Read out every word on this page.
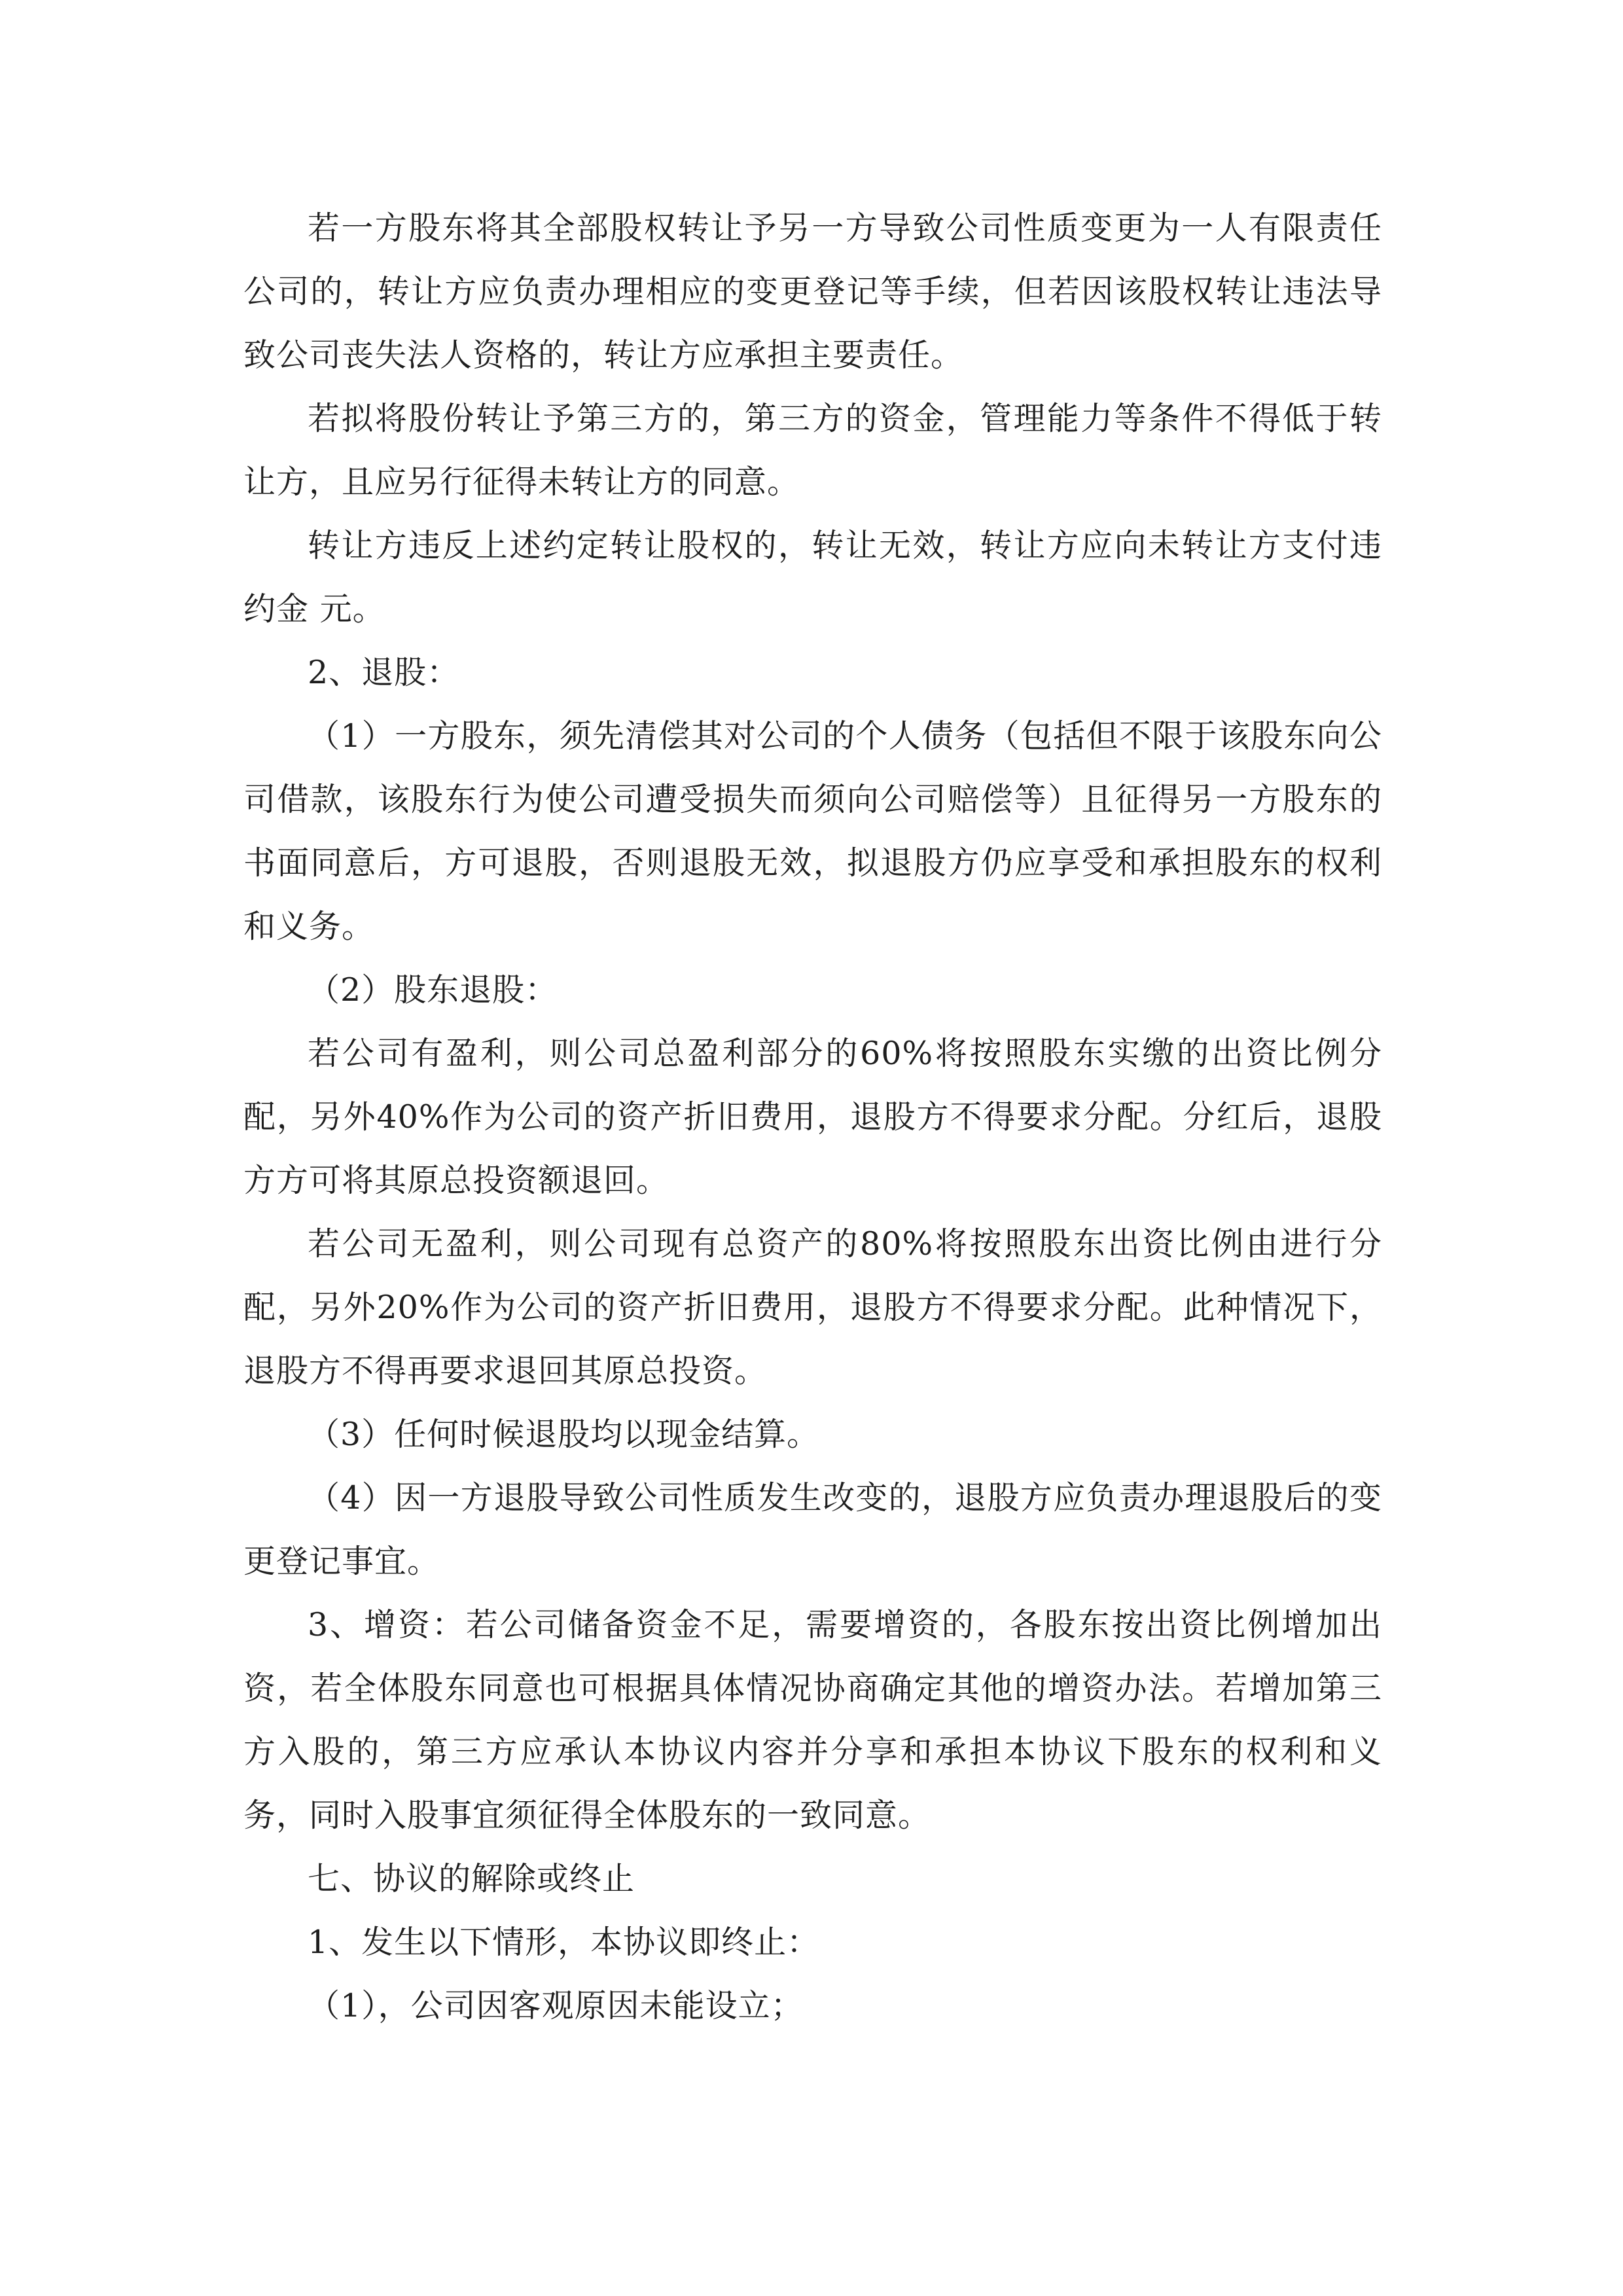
若一方股东将其全部股权转让予另一方导致公司性质变更为一人有限责任公司的，转让方应负责办理相应的变更登记等手续，但若因该股权转让违法导致公司丧失法人资格的，转让方应承担主要责任。

若拟将股份转让予第三方的，第三方的资金，管理能力等条件不得低于转让方，且应另行征得未转让方的同意。

转让方违反上述约定转让股权的，转让无效，转让方应向未转让方支付违约金 元。

2、退股：

（1）一方股东，须先清偿其对公司的个人债务（包括但不限于该股东向公司借款，该股东行为使公司遭受损失而须向公司赔偿等）且征得另一方股东的书面同意后，方可退股，否则退股无效，拟退股方仍应享受和承担股东的权利和义务。

（2）股东退股：

若公司有盈利，则公司总盈利部分的60%将按照股东实缴的出资比例分配，另外40%作为公司的资产折旧费用，退股方不得要求分配。分红后，退股方方可将其原总投资额退回。

若公司无盈利，则公司现有总资产的80%将按照股东出资比例由进行分配，另外20%作为公司的资产折旧费用，退股方不得要求分配。此种情况下，退股方不得再要求退回其原总投资。

（3）任何时候退股均以现金结算。

（4）因一方退股导致公司性质发生改变的，退股方应负责办理退股后的变更登记事宜。

3、增资：若公司储备资金不足，需要增资的，各股东按出资比例增加出资，若全体股东同意也可根据具体情况协商确定其他的增资办法。若增加第三方入股的，第三方应承认本协议内容并分享和承担本协议下股东的权利和义务，同时入股事宜须征得全体股东的一致同意。

七、协议的解除或终止

1、发生以下情形，本协议即终止：

（1），公司因客观原因未能设立；
